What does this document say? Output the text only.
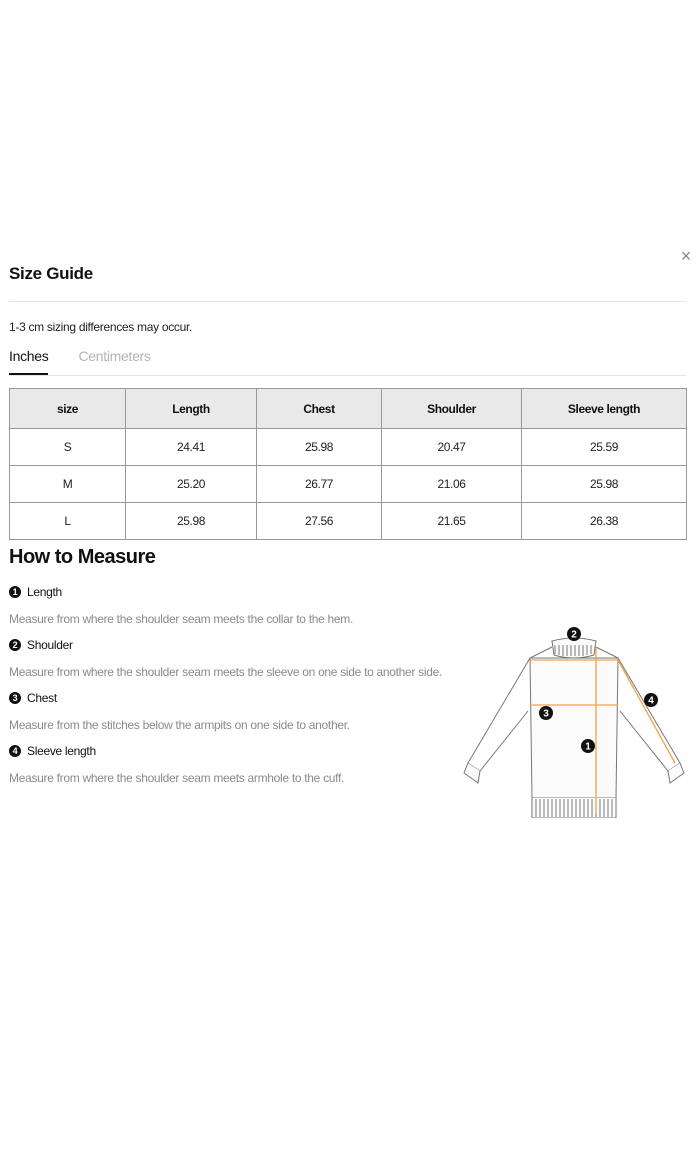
×
Size Guide
1-3 cm sizing differences may occur.
Inches Centimeters
size	Length	Chest	Shoulder	Sleeve length
S	24.41	25.98	20.47	25.59
M	25.20	26.77	21.06	25.98
L	25.98	27.56	21.65	26.38
How to Measure
1 Length
Measure from where the shoulder seam meets the collar to the hem.
2 Shoulder
Measure from where the shoulder seam meets the sleeve on one side to another side.
3 Chest
Measure from the stitches below the armpits on one side to another.
4 Sleeve length
Measure from where the shoulder seam meets armhole to the cuff.
2
3
1
4
